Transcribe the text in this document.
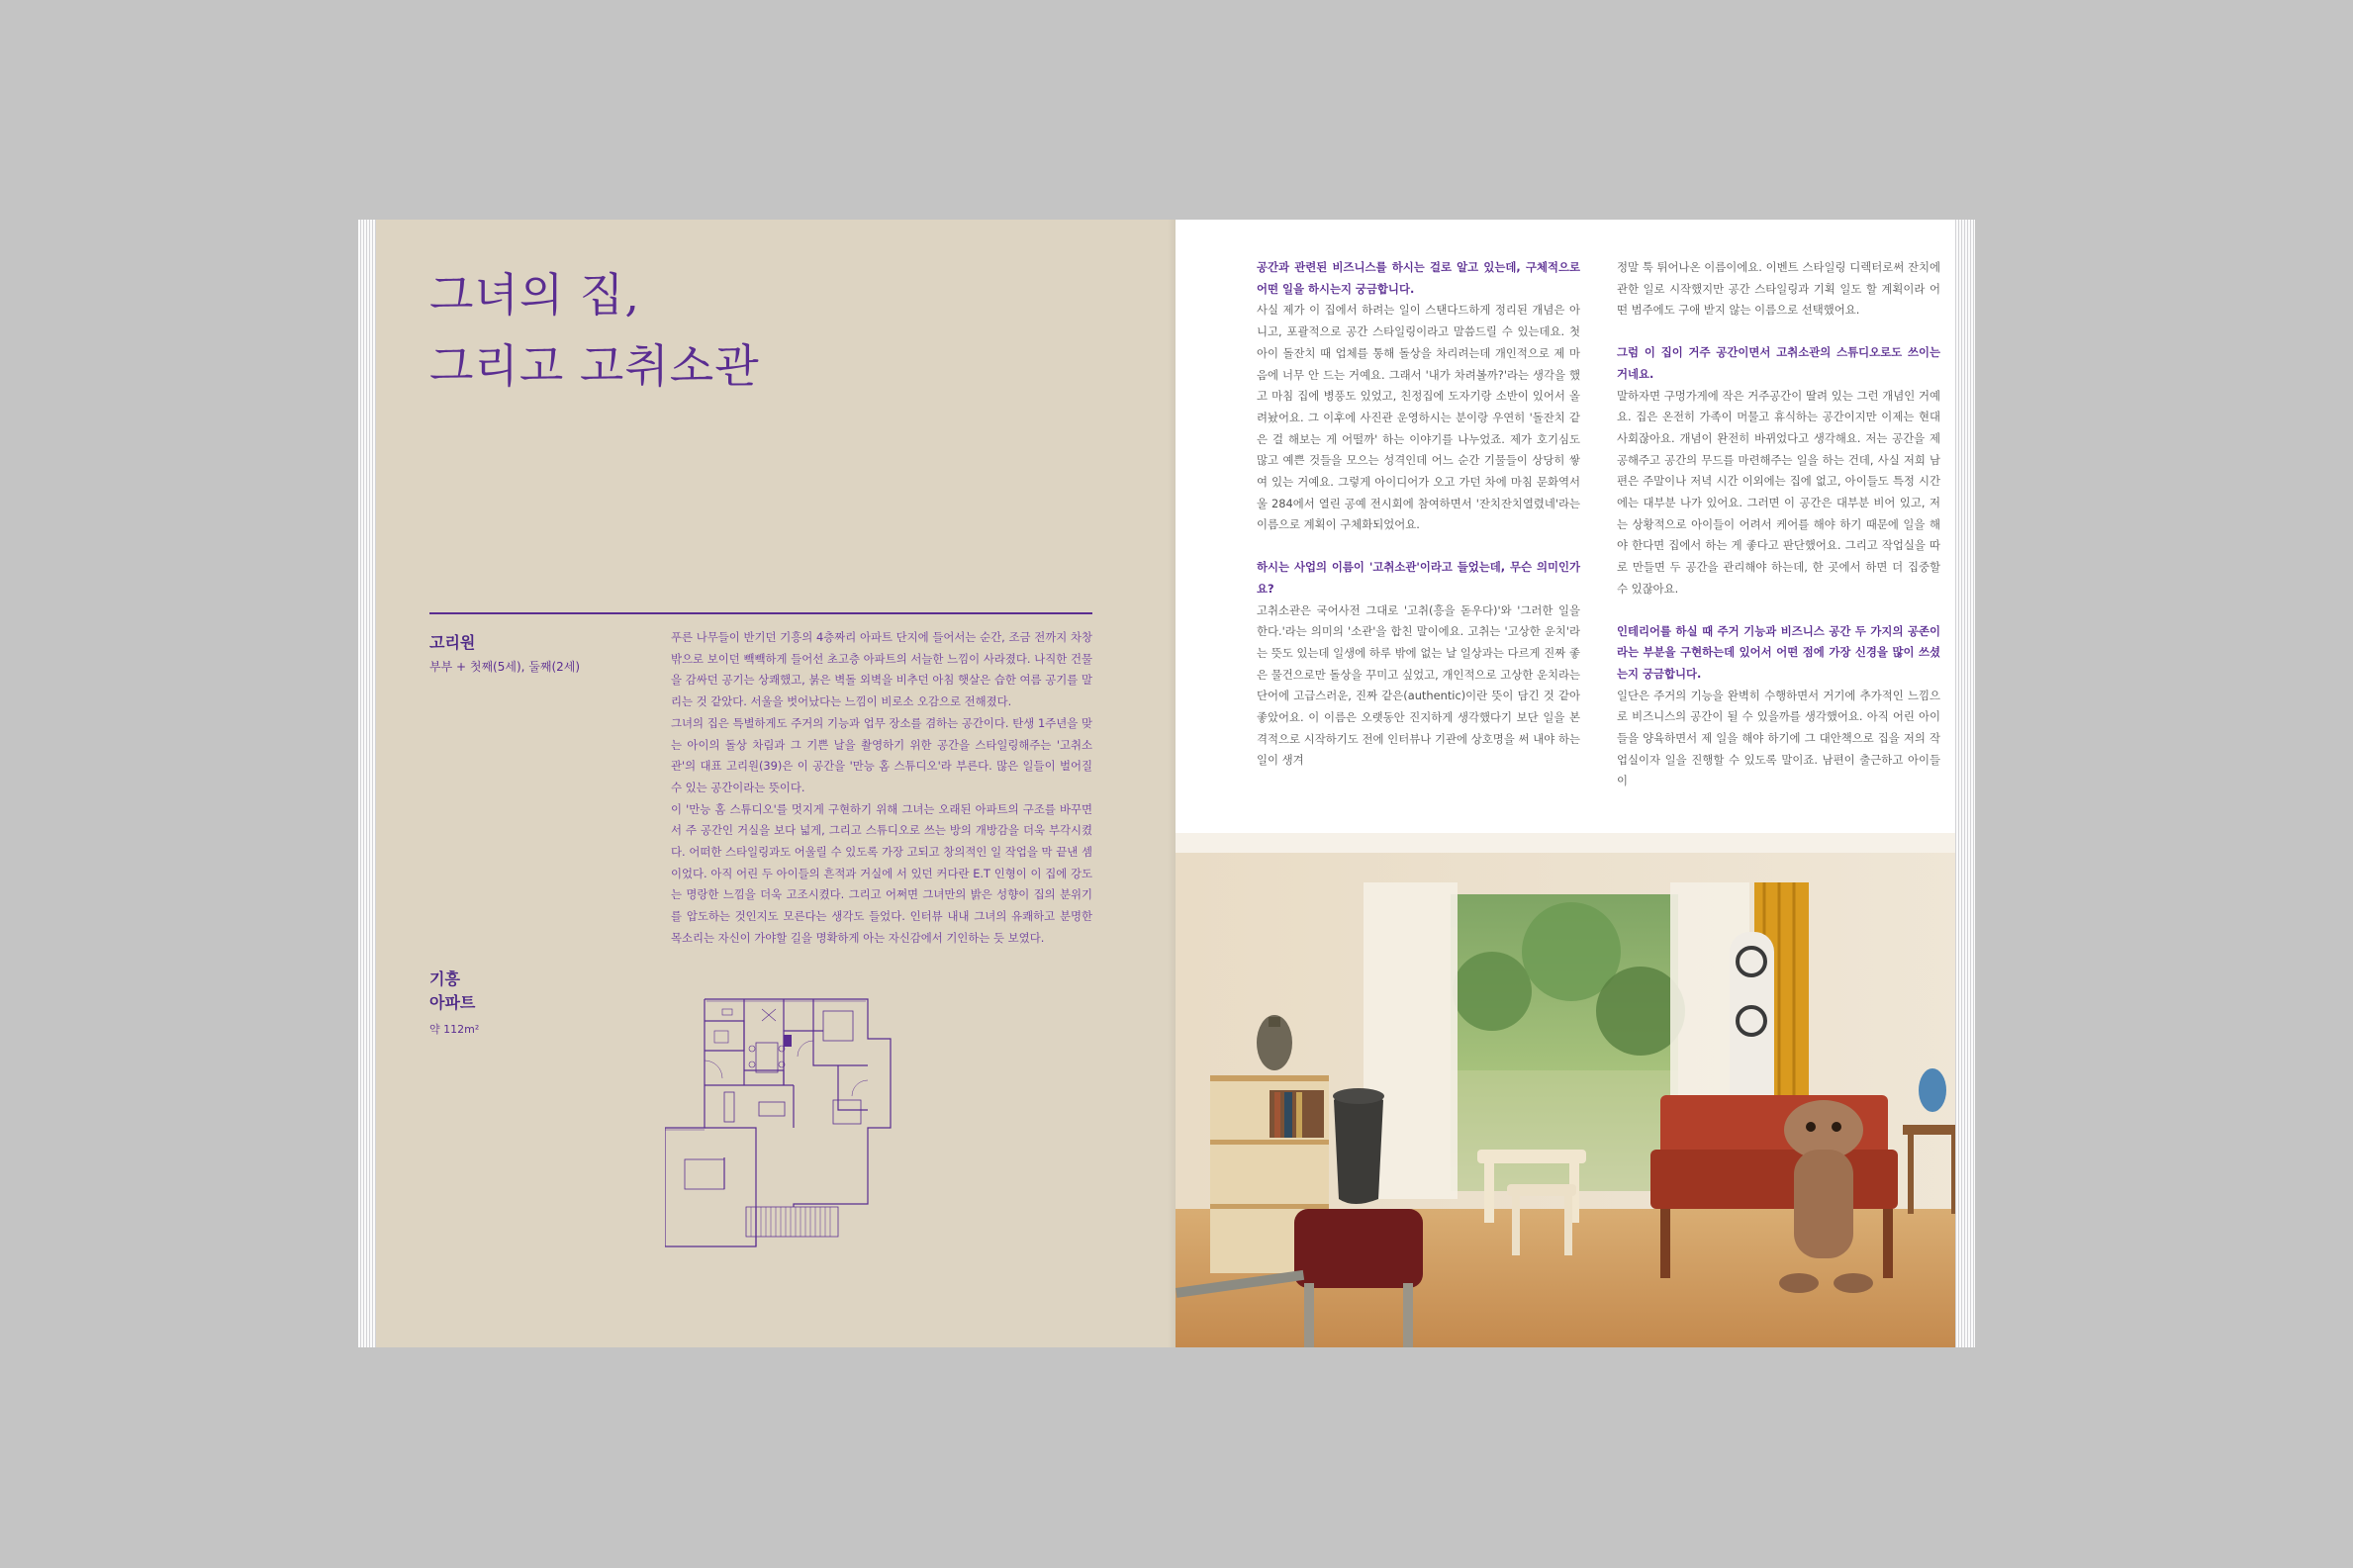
그녀의 집,
그리고 고취소관
고리원
부부 + 첫째(5세), 둘째(2세)
기흥
아파트
약 112m²

푸른 나무들이 반기던 기흥의 4층짜리 아파트 단지에 들어서는 순간, 조금 전까지 차창 밖으로 보이던 빽빽하게 들어선 초고층 아파트의 서늘한 느낌이 사라졌다. 나직한 건물을 감싸던 공기는 상쾌했고, 붉은 벽돌 외벽을 비추던 아침 햇살은 습한 여름 공기를 말리는 것 같았다. 서울을 벗어났다는 느낌이 비로소 오감으로 전해졌다.

그녀의 집은 특별하게도 주거의 기능과 업무 장소를 겸하는 공간이다. 탄생 1주년을 맞는 아이의 돌상 차림과 그 기쁜 날을 촬영하기 위한 공간을 스타일링해주는 '고취소관'의 대표 고리원(39)은 이 공간을 '만능 홈 스튜디오'라 부른다. 많은 일들이 벌어질 수 있는 공간이라는 뜻이다.

이 '만능 홈 스튜디오'를 멋지게 구현하기 위해 그녀는 오래된 아파트의 구조를 바꾸면서 주 공간인 거실을 보다 넓게, 그리고 스튜디오로 쓰는 방의 개방감을 더욱 부각시켰다. 어떠한 스타일링과도 어울릴 수 있도록 가장 고되고 창의적인 일 작업을 막 끝낸 셈이었다. 아직 어린 두 아이들의 흔적과 거실에 서 있던 커다란 E.T 인형이 이 집에 강도는 명랑한 느낌을 더욱 고조시켰다. 그리고 어쩌면 그녀만의 밝은 성향이 집의 분위기를 압도하는 것인지도 모른다는 생각도 들었다. 인터뷰 내내 그녀의 유쾌하고 분명한 목소리는 자신이 가야할 길을 명확하게 아는 자신감에서 기인하는 듯 보였다.

공간과 관련된 비즈니스를 하시는 걸로 알고 있는데, 구체적으로 어떤 일을 하시는지 궁금합니다.

사실 제가 이 집에서 하려는 일이 스탠다드하게 정리된 개념은 아니고, 포괄적으로 공간 스타일링이라고 말씀드릴 수 있는데요. 첫아이 돌잔치 때 업체를 통해 돌상을 차리려는데 개인적으로 제 마음에 너무 안 드는 거예요. 그래서 '내가 차려볼까?'라는 생각을 했고 마침 집에 병풍도 있었고, 친정집에 도자기랑 소반이 있어서 올려놨어요. 그 이후에 사진관 운영하시는 분이랑 우연히 '돌잔치 같은 걸 해보는 게 어떨까' 하는 이야기를 나누었죠. 제가 호기심도 많고 예쁜 것들을 모으는 성격인데 어느 순간 기물들이 상당히 쌓여 있는 거예요. 그렇게 아이디어가 오고 가던 차에 마침 문화역서울 284에서 열린 공예 전시회에 참여하면서 '잔치잔치열렸네'라는 이름으로 계획이 구체화되었어요.

하시는 사업의 이름이 '고취소관'이라고 들었는데, 무슨 의미인가요?

고취소관은 국어사전 그대로 '고취(흥을 돋우다)'와 '그러한 일을 한다.'라는 의미의 '소관'을 합친 말이에요. 고취는 '고상한 운치'라는 뜻도 있는데 일생에 하루 밖에 없는 날 일상과는 다르게 진짜 좋은 물건으로만 돌상을 꾸미고 싶었고, 개인적으로 고상한 운치라는 단어에 고급스러운, 진짜 같은(authentic)이란 뜻이 담긴 것 같아 좋았어요. 이 이름은 오랫동안 진지하게 생각했다기 보단 일을 본격적으로 시작하기도 전에 인터뷰나 기관에 상호명을 써 내야 하는 일이 생겨

정말 툭 튀어나온 이름이에요. 이벤트 스타일링 디렉터로써 잔치에 관한 일로 시작했지만 공간 스타일링과 기획 일도 할 계획이라 어떤 범주에도 구애 받지 않는 이름으로 선택했어요.

그럼 이 집이 거주 공간이면서 고취소관의 스튜디오로도 쓰이는 거네요.

말하자면 구멍가게에 작은 거주공간이 딸려 있는 그런 개념인 거예요. 집은 온전히 가족이 머물고 휴식하는 공간이지만 이제는 현대사회잖아요. 개념이 완전히 바뀌었다고 생각해요. 저는 공간을 제공해주고 공간의 무드를 마련해주는 일을 하는 건데, 사실 저희 남편은 주말이나 저녁 시간 이외에는 집에 없고, 아이들도 특정 시간에는 대부분 나가 있어요. 그러면 이 공간은 대부분 비어 있고, 저는 상황적으로 아이들이 어려서 케어를 해야 하기 때문에 일을 해야 한다면 집에서 하는 게 좋다고 판단했어요. 그리고 작업실을 따로 만들면 두 공간을 관리해야 하는데, 한 곳에서 하면 더 집중할 수 있잖아요.

인테리어를 하실 때 주거 기능과 비즈니스 공간 두 가지의 공존이라는 부분을 구현하는데 있어서 어떤 점에 가장 신경을 많이 쓰셨는지 궁금합니다.

일단은 주거의 기능을 완벽히 수행하면서 거기에 추가적인 느낌으로 비즈니스의 공간이 될 수 있을까를 생각했어요. 아직 어린 아이들을 양육하면서 제 일을 해야 하기에 그 대안책으로 집을 저의 작업실이자 일을 진행할 수 있도록 말이죠. 남편이 출근하고 아이들이
